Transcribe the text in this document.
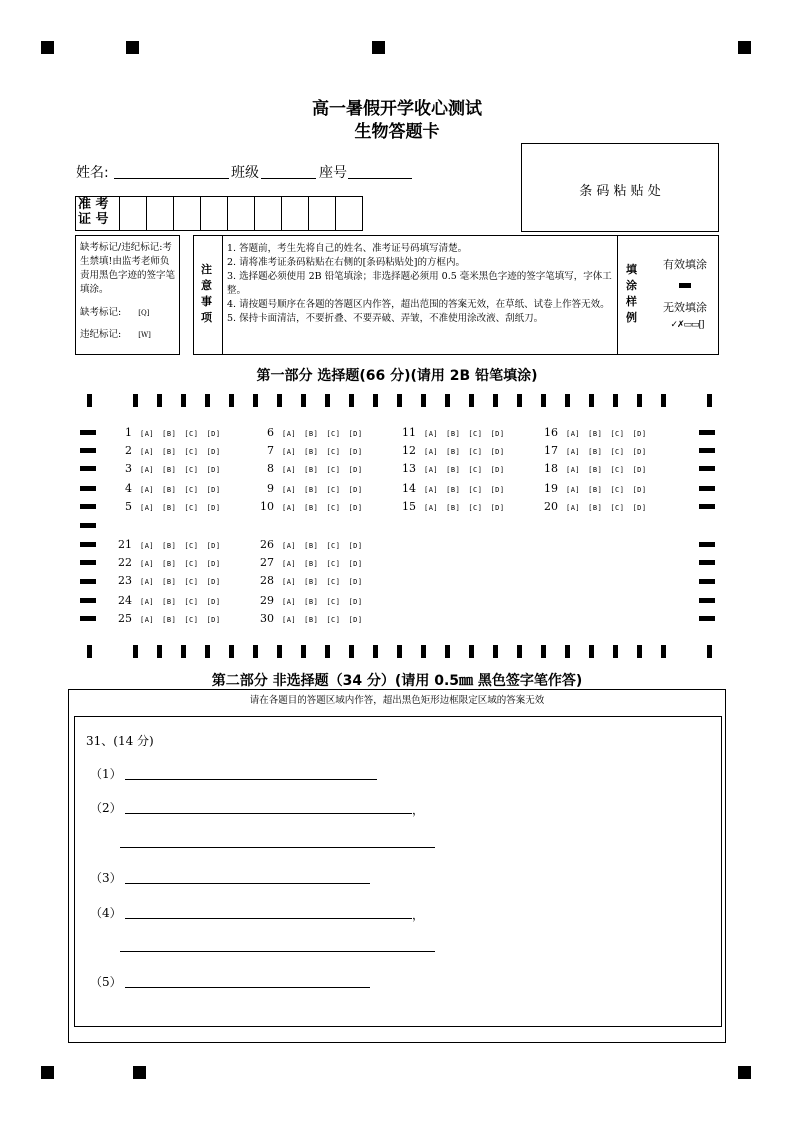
高一暑假开学收心测试
生物答题卡
姓名:	班级	座号
准 考
证 号
条 码 粘 贴 处
缺考标记/违纪标记:考生禁填!由监考老师负责用黑色字迹的签字笔填涂。
缺考标记: [Q]
违纪标记: [W]
注意事项
1. 答题前，考生先将自己的姓名、准考证号码填写清楚。
2. 请将准考证条码粘贴在右侧的[条码粘贴处]的方框内。
3. 选择题必须使用 2B 铅笔填涂；非选择题必须用 0.5 毫米黑色字迹的签字笔填写，字体工整。
4. 请按题号顺序在各题的答题区内作答，超出范围的答案无效，在草纸、试卷上作答无效。
5. 保持卡面清洁，不要折叠、不要弄破、弄皱，不准使用涂改液、刮纸刀。
填涂样例
有效填涂
无效填涂
✓✗▭▭[]
第一部分 选择题(66 分)(请用 2B 铅笔填涂)
1 [A] [B] [C] [D]	6 [A] [B] [C] [D]	11 [A] [B] [C] [D]	16 [A] [B] [C] [D]
2 [A] [B] [C] [D]	7 [A] [B] [C] [D]	12 [A] [B] [C] [D]	17 [A] [B] [C] [D]
3 [A] [B] [C] [D]	8 [A] [B] [C] [D]	13 [A] [B] [C] [D]	18 [A] [B] [C] [D]
4 [A] [B] [C] [D]	9 [A] [B] [C] [D]	14 [A] [B] [C] [D]	19 [A] [B] [C] [D]
5 [A] [B] [C] [D]	10 [A] [B] [C] [D]	15 [A] [B] [C] [D]	20 [A] [B] [C] [D]
21 [A] [B] [C] [D]	26 [A] [B] [C] [D]
22 [A] [B] [C] [D]	27 [A] [B] [C] [D]
23 [A] [B] [C] [D]	28 [A] [B] [C] [D]
24 [A] [B] [C] [D]	29 [A] [B] [C] [D]
25 [A] [B] [C] [D]	30 [A] [B] [C] [D]
第二部分 非选择题（34 分）(请用 0.5㎜ 黑色签字笔作答)
请在各题目的答题区域内作答，超出黑色矩形边框限定区域的答案无效
31、(14 分)
（1）
（2）	，
（3）
（4）	，
（5）
